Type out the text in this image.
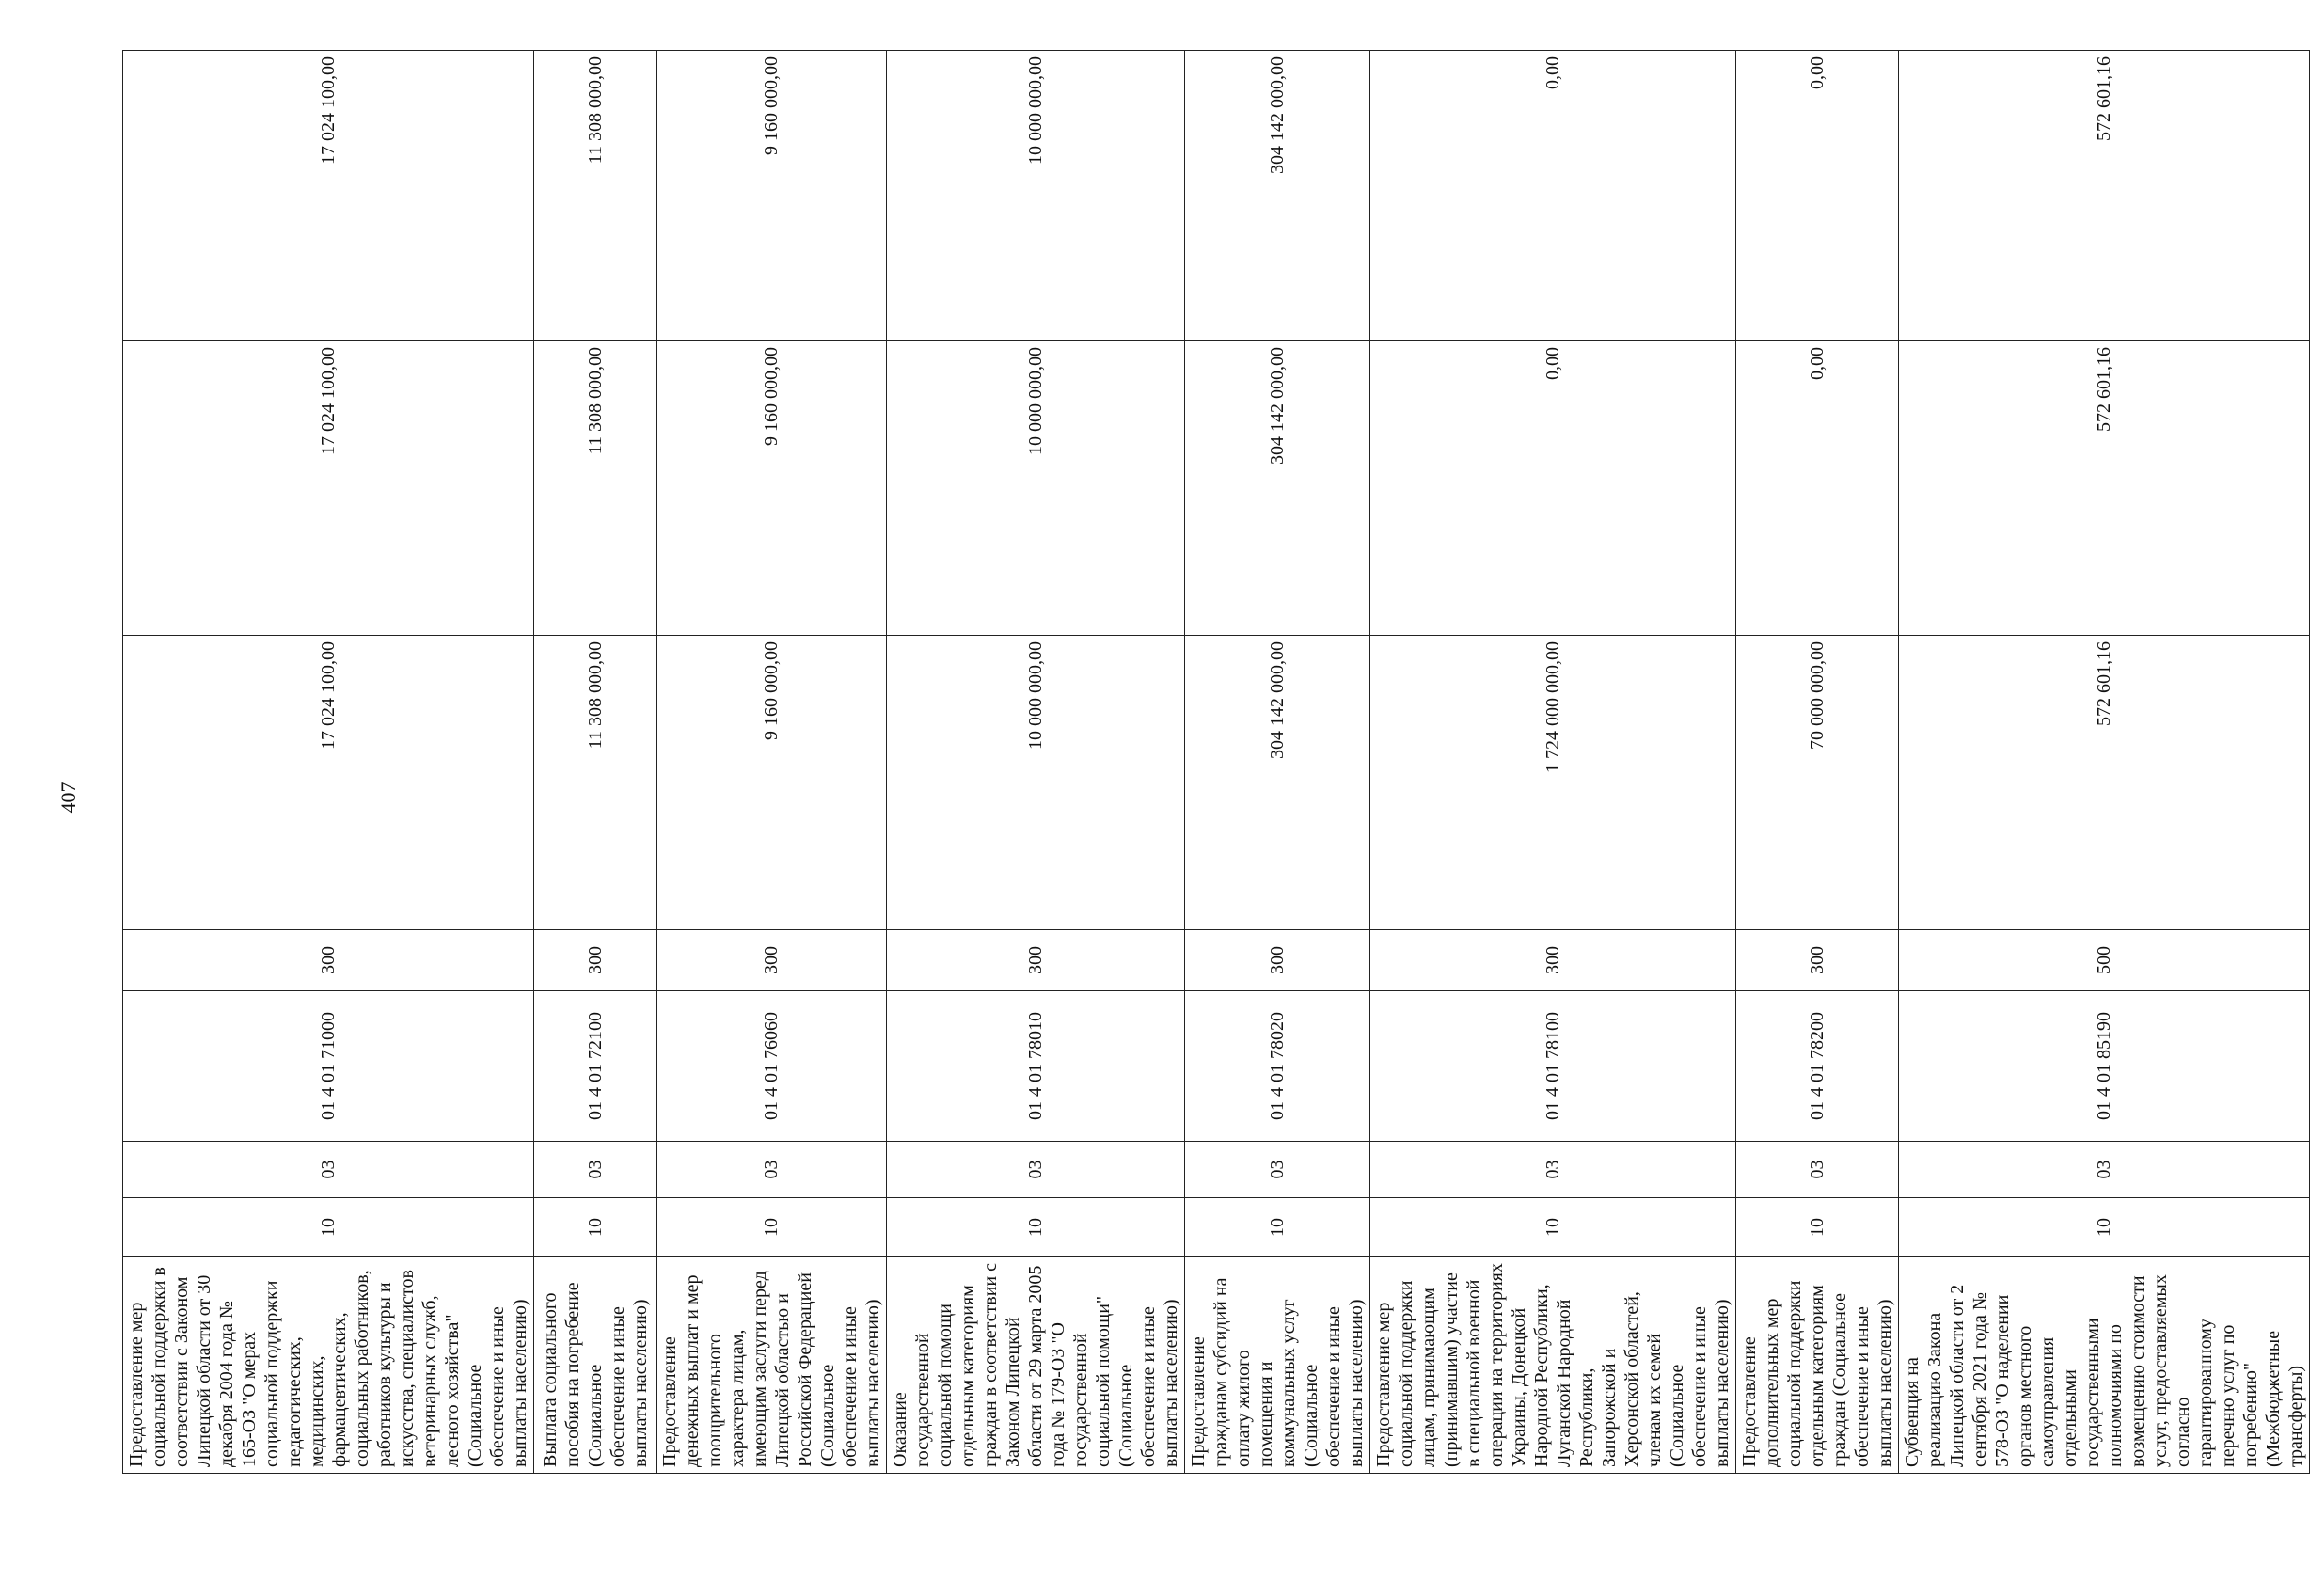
407
Предоставление мер социальной поддержки в соответствии с Законом Липецкой области от 30 декабря 2004 года № 165-ОЗ "О мерах социальной поддержки педагогических, медицинских, фармацевтических, социальных работников, работников культуры и искусства, специалистов ветеринарных служб, лесного хозяйства" (Социальное обеспечение и иные выплаты населению)	10	03	01 4 01 71000	300	17 024 100,00	17 024 100,00	17 024 100,00
Выплата социального пособия на погребение (Социальное обеспечение и иные выплаты населению)	10	03	01 4 01 72100	300	11 308 000,00	11 308 000,00	11 308 000,00
Предоставление денежных выплат и мер поощрительного характера лицам, имеющим заслуги перед Липецкой областью и Российской Федерацией (Социальное обеспечение и иные выплаты населению)	10	03	01 4 01 76060	300	9 160 000,00	9 160 000,00	9 160 000,00
Оказание государственной социальной помощи отдельным категориям граждан в соответствии с Законом Липецкой области от 29 марта 2005 года № 179-ОЗ "О государственной социальной помощи" (Социальное обеспечение и иные выплаты населению)	10	03	01 4 01 78010	300	10 000 000,00	10 000 000,00	10 000 000,00
Предоставление гражданам субсидий на оплату жилого помещения и коммунальных услуг (Социальное обеспечение и иные выплаты населению)	10	03	01 4 01 78020	300	304 142 000,00	304 142 000,00	304 142 000,00
Предоставление мер социальной поддержки лицам, принимающим (принимавшим) участие в специальной военной операции на территориях Украины, Донецкой Народной Республики, Луганской Народной Республики, Запорожской и Херсонской областей, членам их семей (Социальное обеспечение и иные выплаты населению)	10	03	01 4 01 78100	300	1 724 000 000,00	0,00	0,00
Предоставление дополнительных мер социальной поддержки отдельным категориям граждан (Социальное обеспечение и иные выплаты населению)	10	03	01 4 01 78200	300	70 000 000,00	0,00	0,00
Субвенция на реализацию Закона Липецкой области от 2 сентября 2021 года № 578-ОЗ "О наделении органов местного самоуправления отдельными государственными полномочиями по возмещению стоимости услуг, предоставляемых согласно гарантированному перечню услуг по погребению" (Межбюджетные трансферты)	10	03	01 4 01 85190	500	572 601,16	572 601,16	572 601,16
